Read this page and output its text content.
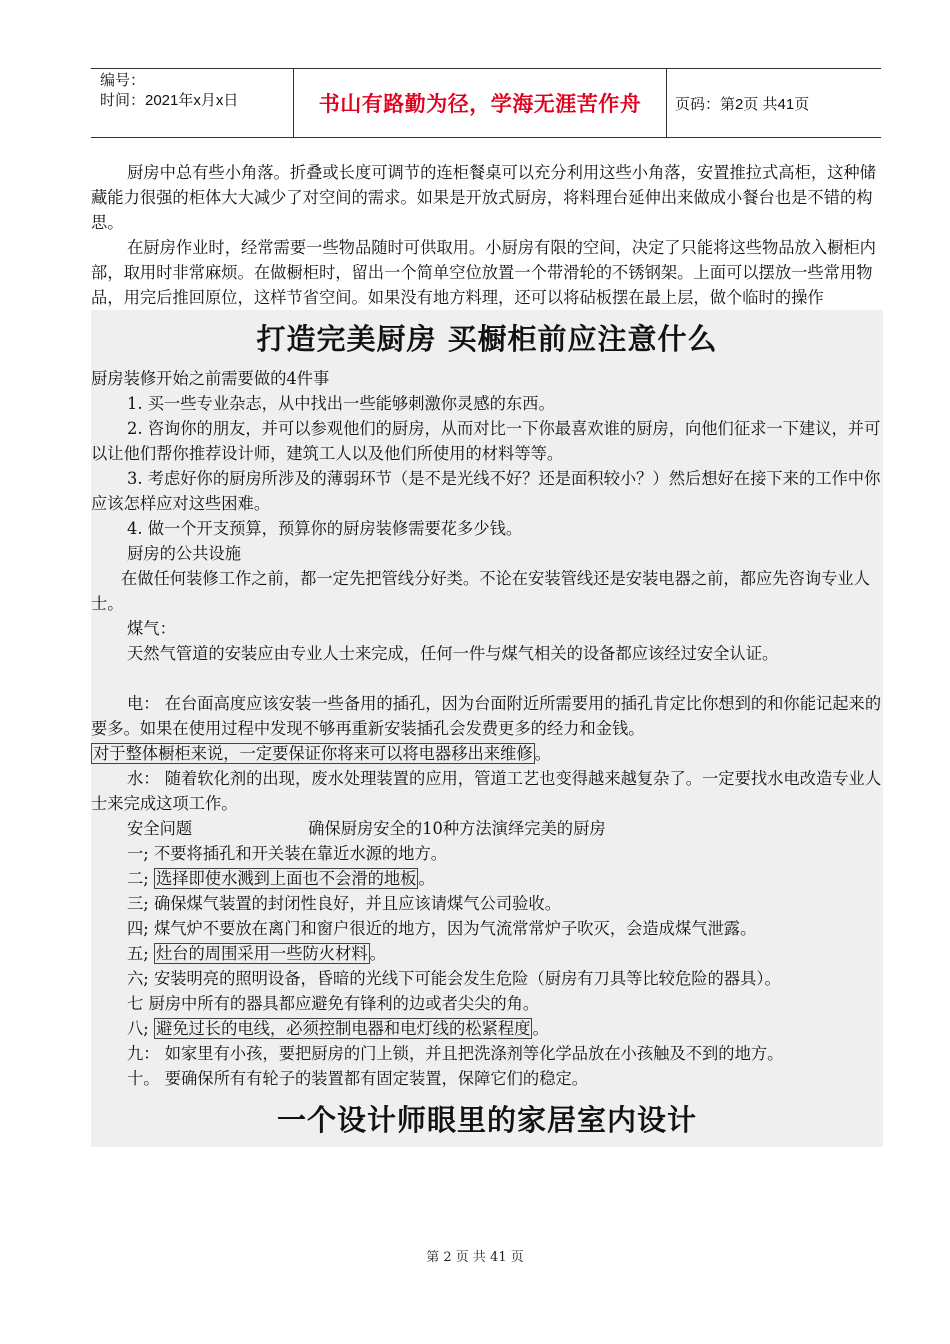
编号：
时间：2021年x月x日	书山有路勤为径，学海无涯苦作舟	页码：第2页 共41页

厨房中总有些小角落。折叠或长度可调节的连柜餐桌可以充分利用这些小角落，安置推拉式高柜，这种储藏能力很强的柜体大大减少了对空间的需求。如果是开放式厨房，将料理台延伸出来做成小餐台也是不错的构思。

在厨房作业时，经常需要一些物品随时可供取用。小厨房有限的空间，决定了只能将这些物品放入橱柜内部，取用时非常麻烦。在做橱柜时，留出一个简单空位放置一个带滑轮的不锈钢架。上面可以摆放一些常用物品，用完后推回原位，这样节省空间。如果没有地方料理，还可以将砧板摆在最上层，做个临时的操作

打造完美厨房 买橱柜前应注意什么

厨房装修开始之前需要做的4件事

1. 买一些专业杂志，从中找出一些能够刺激你灵感的东西。

2. 咨询你的朋友，并可以参观他们的厨房，从而对比一下你最喜欢谁的厨房，向他们征求一下建议，并可以让他们帮你推荐设计师，建筑工人以及他们所使用的材料等等。

3. 考虑好你的厨房所涉及的薄弱环节（是不是光线不好？还是面积较小？）然后想好在接下来的工作中你应该怎样应对这些困难。

4. 做一个开支预算，预算你的厨房装修需要花多少钱。

厨房的公共设施

在做任何装修工作之前，都一定先把管线分好类。不论在安装管线还是安装电器之前，都应先咨询专业人士。

煤气：

天然气管道的安装应由专业人士来完成，任何一件与煤气相关的设备都应该经过安全认证。

电： 在台面高度应该安装一些备用的插孔，因为台面附近所需要用的插孔肯定比你想到的和你能记起来的要多。如果在使用过程中发现不够再重新安装插孔会发费更多的经力和金钱。
对于整体橱柜来说，一定要保证你将来可以将电器移出来维修 。

水： 随着软化剂的出现，废水处理装置的应用，管道工艺也变得越来越复杂了。一定要找水电改造专业人士来完成这项工作。

安全问题	确保厨房安全的10种方法演绎完美的厨房

一; 不要将插孔和开关装在靠近水源的地方。

二; 选择即使水溅到上面也不会滑的地板 。

三; 确保煤气装置的封闭性良好，并且应该请煤气公司验收。

四; 煤气炉不要放在离门和窗户很近的地方，因为气流常常炉子吹灭，会造成煤气泄露。

五; 灶台的周围采用一些防火材料 。

六; 安装明亮的照明设备，昏暗的光线下可能会发生危险（厨房有刀具等比较危险的器具）。

七 厨房中所有的器具都应避免有锋利的边或者尖尖的角。

八; 避免过长的电线，必须控制电器和电灯线的松紧程度 。

九： 如家里有小孩，要把厨房的门上锁，并且把洗涤剂等化学品放在小孩触及不到的地方。

十。 要确保所有有轮子的装置都有固定装置，保障它们的稳定。

一个设计师眼里的家居室内设计
第 2 页 共 41 页
